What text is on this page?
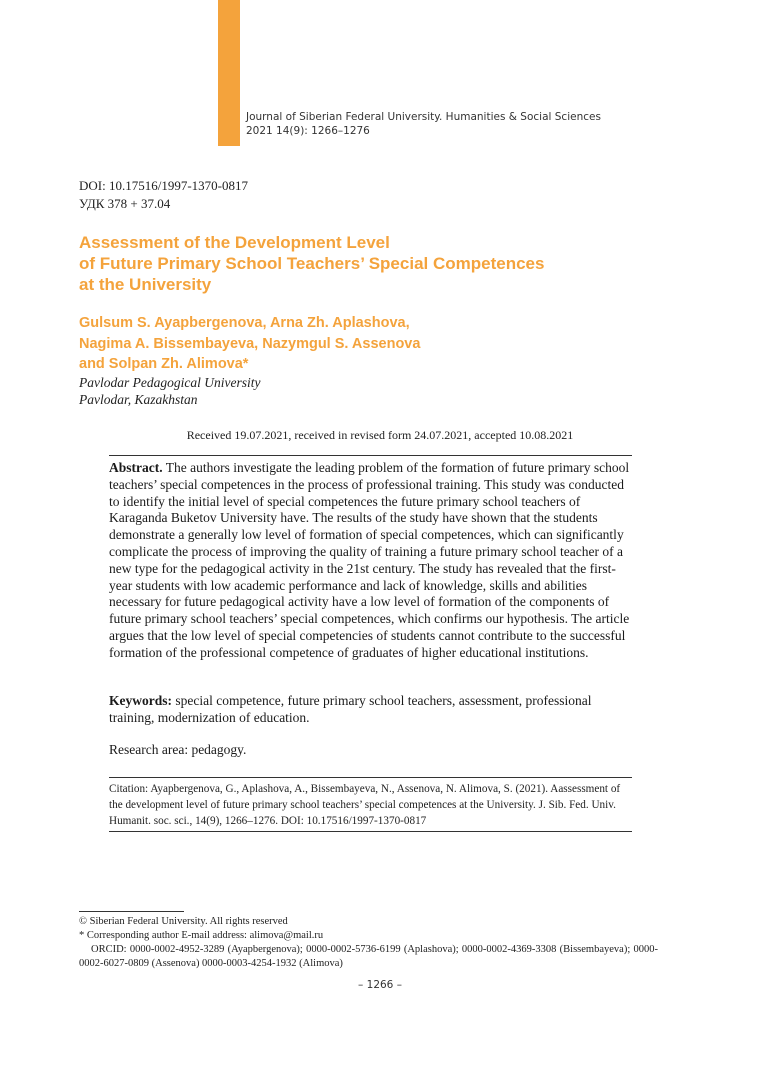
Journal of Siberian Federal University. Humanities & Social Sciences
2021 14(9): 1266–1276
DOI: 10.17516/1997-1370-0817
УДК 378 + 37.04
Assessment of the Development Level
of Future Primary School Teachers’ Special Competences
at the University
Gulsum S. Ayapbergenova, Arna Zh. Aplashova,
Nagima A. Bissembayeva, Nazymgul S. Assenova
and Solpan Zh. Alimova*
Pavlodar Pedagogical University
Pavlodar, Kazakhstan
Received 19.07.2021, received in revised form 24.07.2021, accepted 10.08.2021

Abstract. The authors investigate the leading problem of the formation of future primary school teachers’ special competences in the process of professional training. This study was conducted to identify the initial level of special competences the future primary school teachers of Karaganda Buketov University have. The results of the study have shown that the students demonstrate a generally low level of formation of special competences, which can significantly complicate the process of improving the quality of training a future primary school teacher of a new type for the pedagogical activity in the 21st century. The study has revealed that the first-year students with low academic performance and lack of knowledge, skills and abilities necessary for future pedagogical activity have a low level of formation of the components of future primary school teachers’ special competences, which confirms our hypothesis. The article argues that the low level of special competencies of students cannot contribute to the successful formation of the professional competence of graduates of higher educational institutions.

Keywords: special competence, future primary school teachers, assessment, professional training, modernization of education.

Research area: pedagogy.

Citation: Ayapbergenova, G., Aplashova, A., Bissembayeva, N., Assenova, N. Alimova, S. (2021). Aassessment of the development level of future primary school teachers’ special competences at the University. J. Sib. Fed. Univ. Humanit. soc. sci., 14(9), 1266–1276. DOI: 10.17516/1997-1370-0817

© Siberian Federal University. All rights reserved

* Corresponding author E-mail address: alimova@mail.ru

ORCID: 0000-0002-4952-3289 (Ayapbergenova); 0000-0002-5736-6199 (Aplashova); 0000-0002-4369-3308 (Bissembayeva); 0000-0002-6027-0809 (Assenova) 0000-0003-4254-1932 (Alimova)

– 1266 –
